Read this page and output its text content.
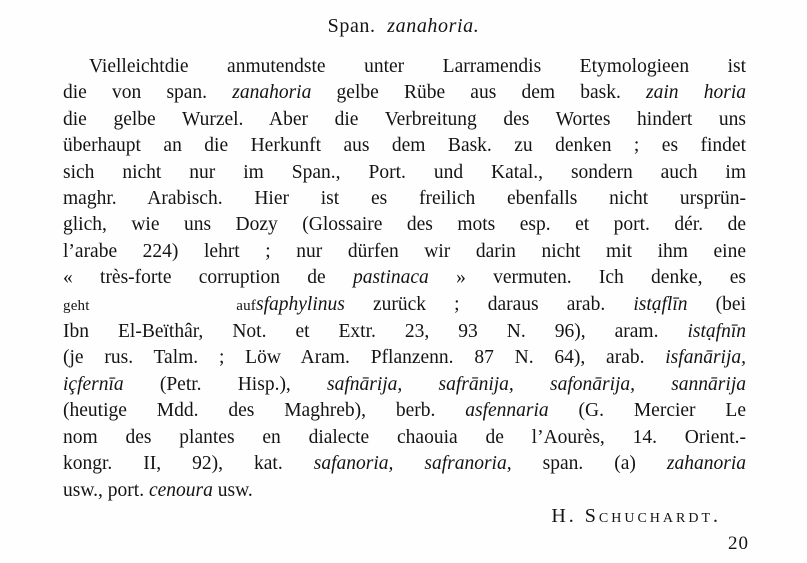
Span. zanahoria.
Vielleichtdie anmutendste unter Larramendis Etymologieen ist
die von span. zanahoria gelbe Rübe aus dem bask. zain horia
die gelbe Wurzel. Aber die Verbreitung des Wortes hindert uns
überhaupt an die Herkunft aus dem Bask. zu denken ; es findet
sich nicht nur im Span., Port. und Katal., sondern auch im
maghr. Arabisch. Hier ist es freilich ebenfalls nicht ursprün-
glich, wie uns Dozy (Glossaire des mots esp. et port. dér. de
l’arabe 224) lehrt ; nur dürfen wir darin nicht mit ihm eine
« très-forte corruption de pastinaca » vermuten. Ich denke, es
geht auf sfaphylinus zurück ; daraus arab. istạflīn (bei
Ibn El-Beïthâr, Not. et Extr. 23, 93 N. 96), aram. istạfnīn
(je rus. Talm. ; Löw Aram. Pflanzenn. 87 N. 64), arab. isfanārija,
içfernīa (Petr. Hisp.), safnārija, safrānija, safonārija, sannārija
(heutige Mdd. des Maghreb), berb. asfennaria (G. Mercier Le
nom des plantes en dialecte chaouia de l’Aourès, 14. Orient.-
kongr. II, 92), kat. safanoria, safranoria, span. (a) zahanoria
usw., port. cenoura usw.
H. Schuchardt.
20
